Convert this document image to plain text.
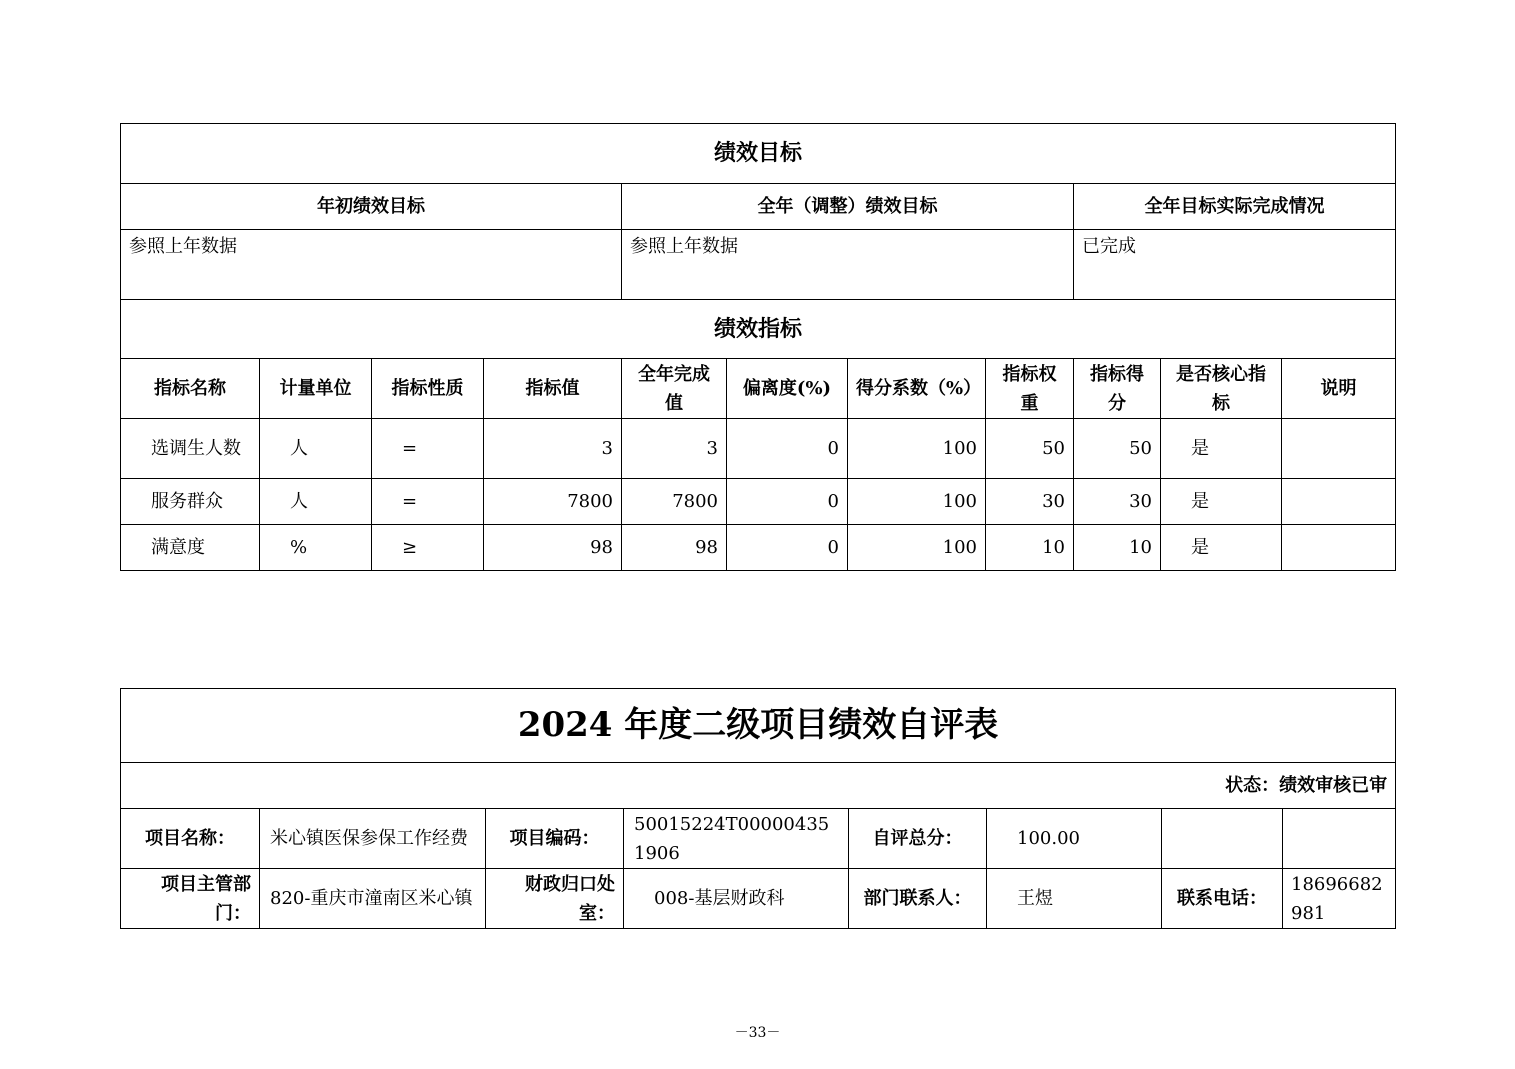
绩效目标										
年初绩效目标				全年（调整）绩效目标				全年目标实际完成情况		
参照上年数据				参照上年数据				已完成		
绩效指标										
指标名称	计量单位	指标性质	指标值	全年完成值	偏离度(%)	得分系数（%）	指标权重	指标得分	是否核心指标	说明
选调生人数	人	=	3	3	0	100	50	50	是	
服务群众	人	=	7800	7800	0	100	30	30	是	
满意度	%	≥	98	98	0	100	10	10	是	
2024 年度二级项目绩效自评表							
状态：绩效审核已审							
项目名称：	米心镇医保参保工作经费	项目编码：	50015224T000004351906	自评总分：	100.00		
项目主管部门：	820-重庆市潼南区米心镇	财政归口处室：	008-基层财政科	部门联系人：	王煜	联系电话：	18696682981
－33－
